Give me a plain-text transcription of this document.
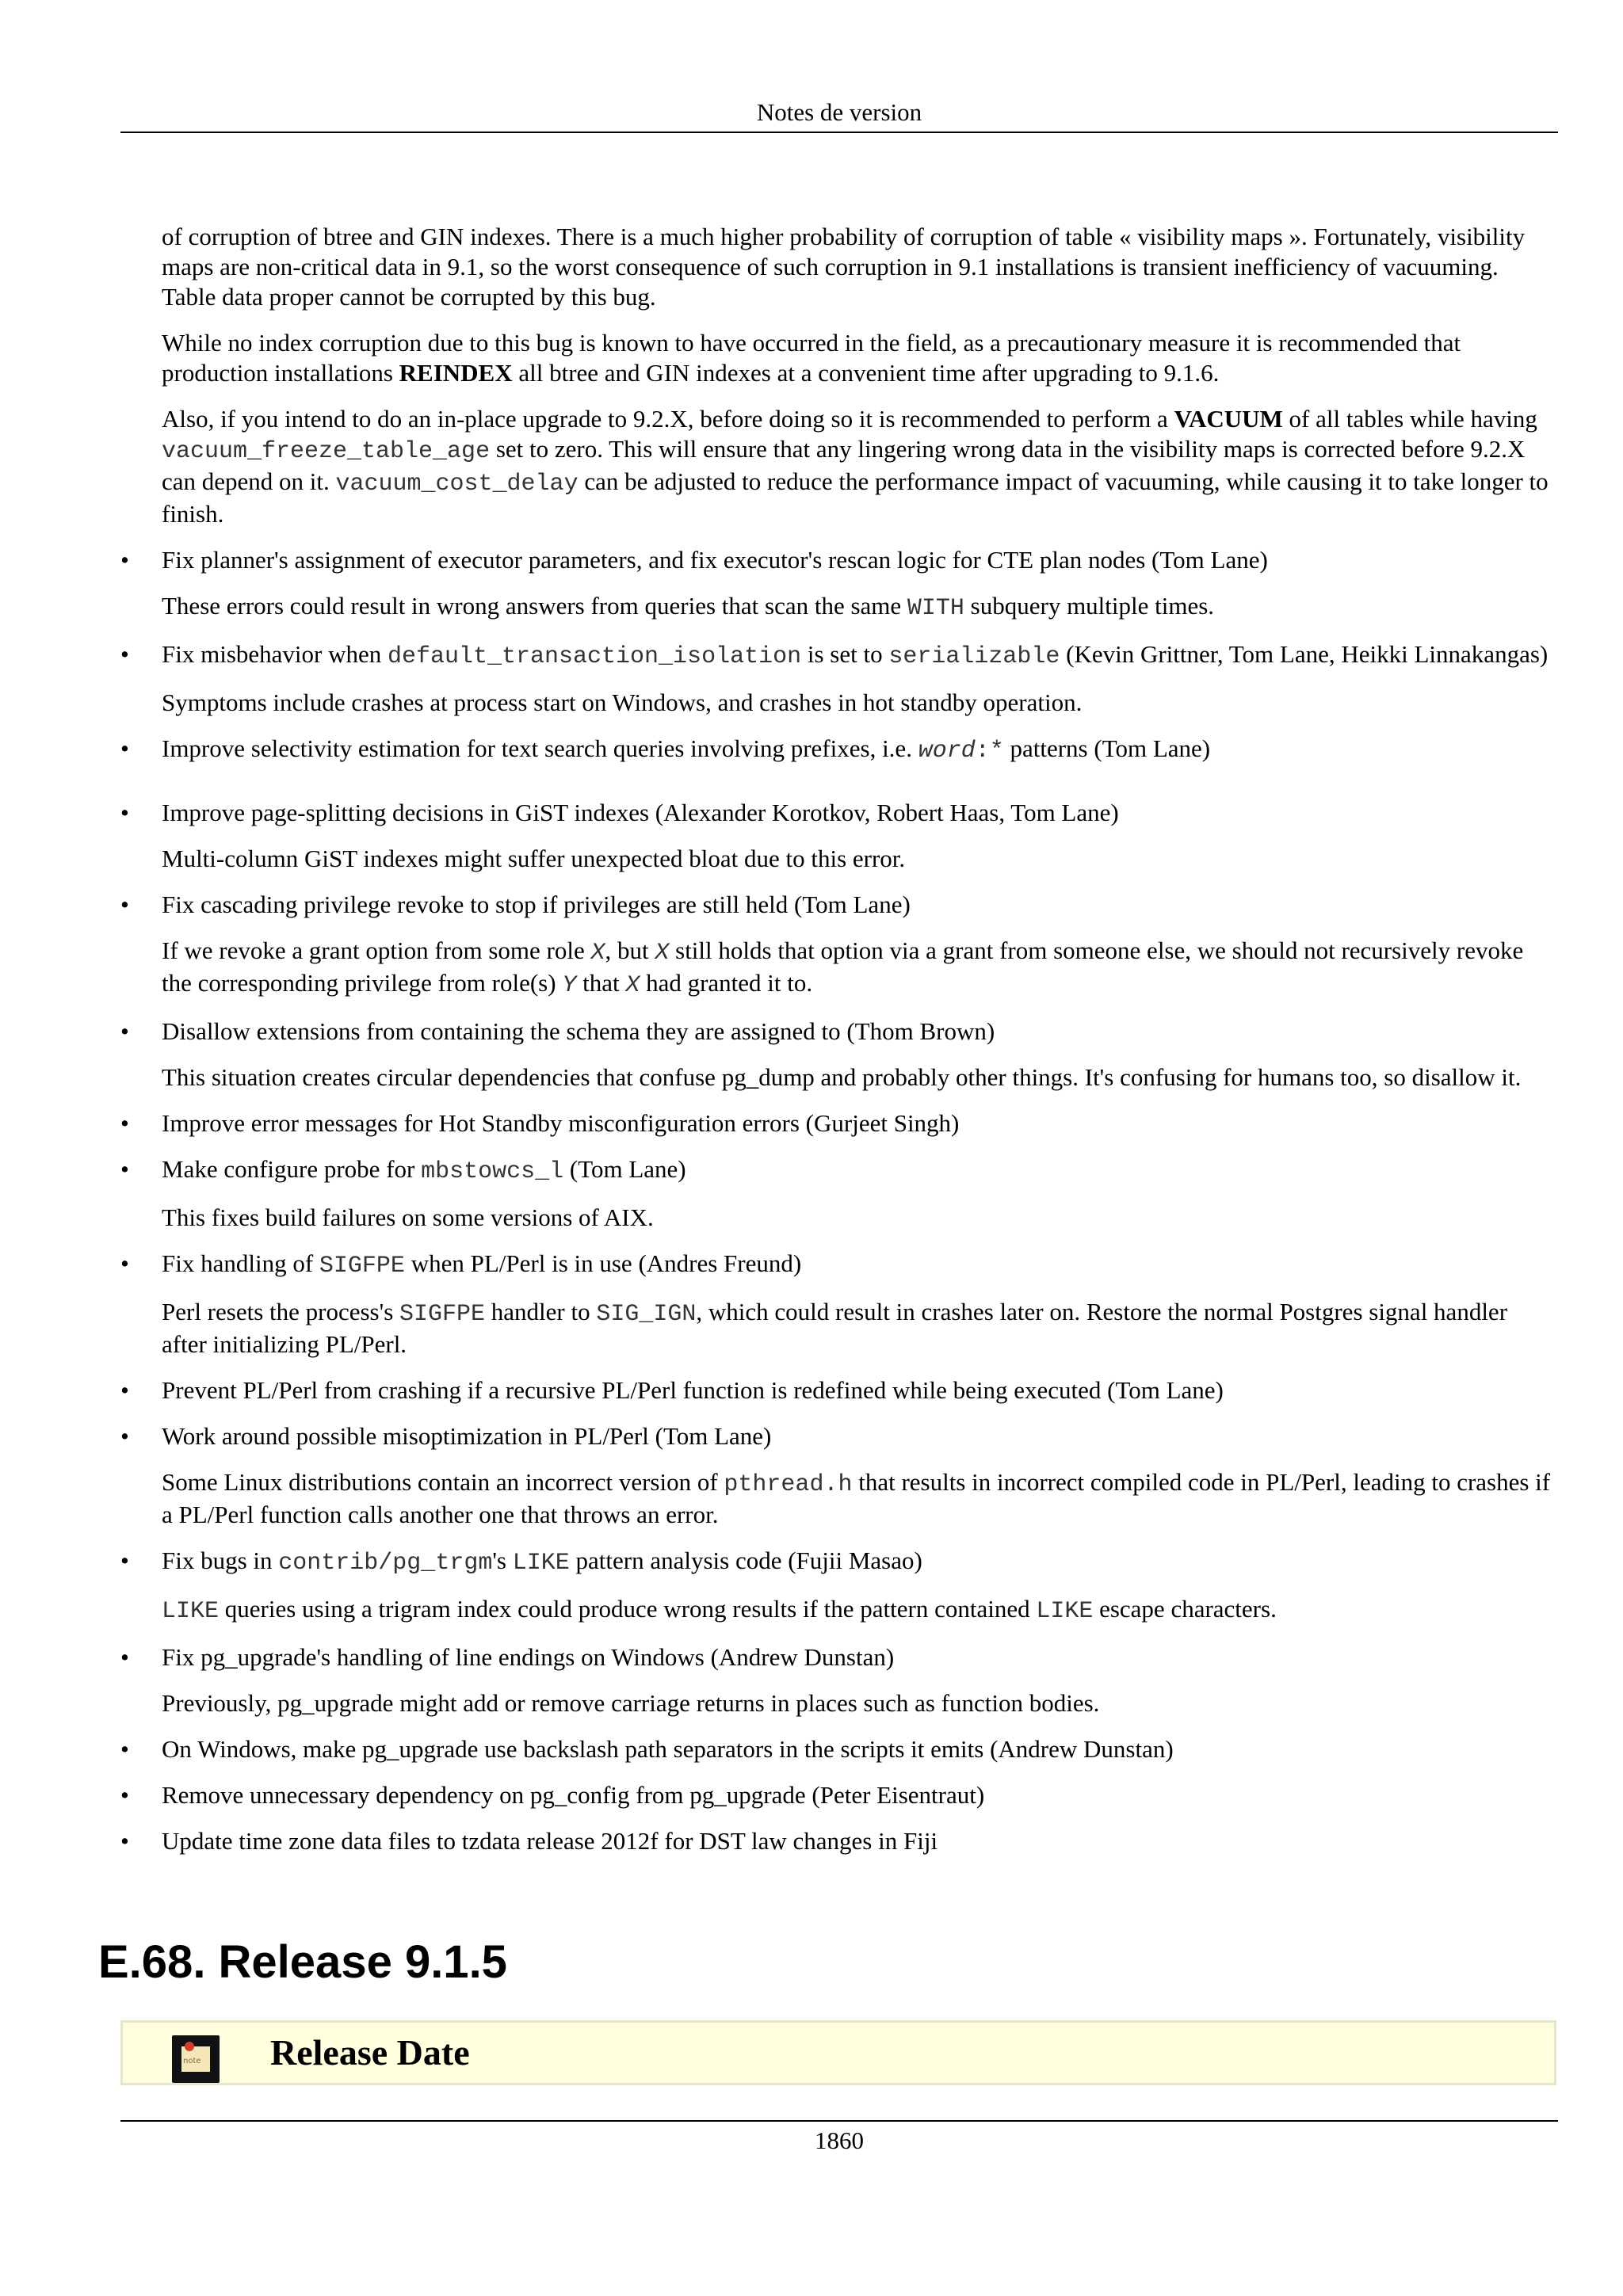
Notes de version

of corruption of btree and GIN indexes. There is a much higher probability of corruption of table « visibility maps ». Fortunately, visibility maps are non-critical data in 9.1, so the worst consequence of such corruption in 9.1 installations is transient inefficiency of vacuuming. Table data proper cannot be corrupted by this bug.

While no index corruption due to this bug is known to have occurred in the field, as a precautionary measure it is recommended that production installations REINDEX all btree and GIN indexes at a convenient time after upgrading to 9.1.6.

Also, if you intend to do an in-place upgrade to 9.2.X, before doing so it is recommended to perform a VACUUM of all tables while having vacuum_freeze_table_age set to zero. This will ensure that any lingering wrong data in the visibility maps is corrected before 9.2.X can depend on it. vacuum_cost_delay can be adjusted to reduce the performance impact of vacuuming, while causing it to take longer to finish.

•	Fix planner's assignment of executor parameters, and fix executor's rescan logic for CTE plan nodes (Tom Lane)

These errors could result in wrong answers from queries that scan the same WITH subquery multiple times.

•	Fix misbehavior when default_transaction_isolation is set to serializable (Kevin Grittner, Tom Lane, Heikki Linnakangas)

Symptoms include crashes at process start on Windows, and crashes in hot standby operation.

•	Improve selectivity estimation for text search queries involving prefixes, i.e. word:* patterns (Tom Lane)

•	Improve page-splitting decisions in GiST indexes (Alexander Korotkov, Robert Haas, Tom Lane)

Multi-column GiST indexes might suffer unexpected bloat due to this error.

•	Fix cascading privilege revoke to stop if privileges are still held (Tom Lane)

If we revoke a grant option from some role X, but X still holds that option via a grant from someone else, we should not recursively revoke the corresponding privilege from role(s) Y that X had granted it to.

•	Disallow extensions from containing the schema they are assigned to (Thom Brown)

This situation creates circular dependencies that confuse pg_dump and probably other things. It's confusing for humans too, so disallow it.

•	Improve error messages for Hot Standby misconfiguration errors (Gurjeet Singh)

•	Make configure probe for mbstowcs_l (Tom Lane)

This fixes build failures on some versions of AIX.

•	Fix handling of SIGFPE when PL/Perl is in use (Andres Freund)

Perl resets the process's SIGFPE handler to SIG_IGN, which could result in crashes later on. Restore the normal Postgres signal handler after initializing PL/Perl.

•	Prevent PL/Perl from crashing if a recursive PL/Perl function is redefined while being executed (Tom Lane)

•	Work around possible misoptimization in PL/Perl (Tom Lane)

Some Linux distributions contain an incorrect version of pthread.h that results in incorrect compiled code in PL/Perl, leading to crashes if a PL/Perl function calls another one that throws an error.

•	Fix bugs in contrib/pg_trgm's LIKE pattern analysis code (Fujii Masao)

LIKE queries using a trigram index could produce wrong results if the pattern contained LIKE escape characters.

•	Fix pg_upgrade's handling of line endings on Windows (Andrew Dunstan)

Previously, pg_upgrade might add or remove carriage returns in places such as function bodies.

•	On Windows, make pg_upgrade use backslash path separators in the scripts it emits (Andrew Dunstan)

•	Remove unnecessary dependency on pg_config from pg_upgrade (Peter Eisentraut)

•	Update time zone data files to tzdata release 2012f for DST law changes in Fiji

E.68. Release 9.1.5
note Release Date
1860
